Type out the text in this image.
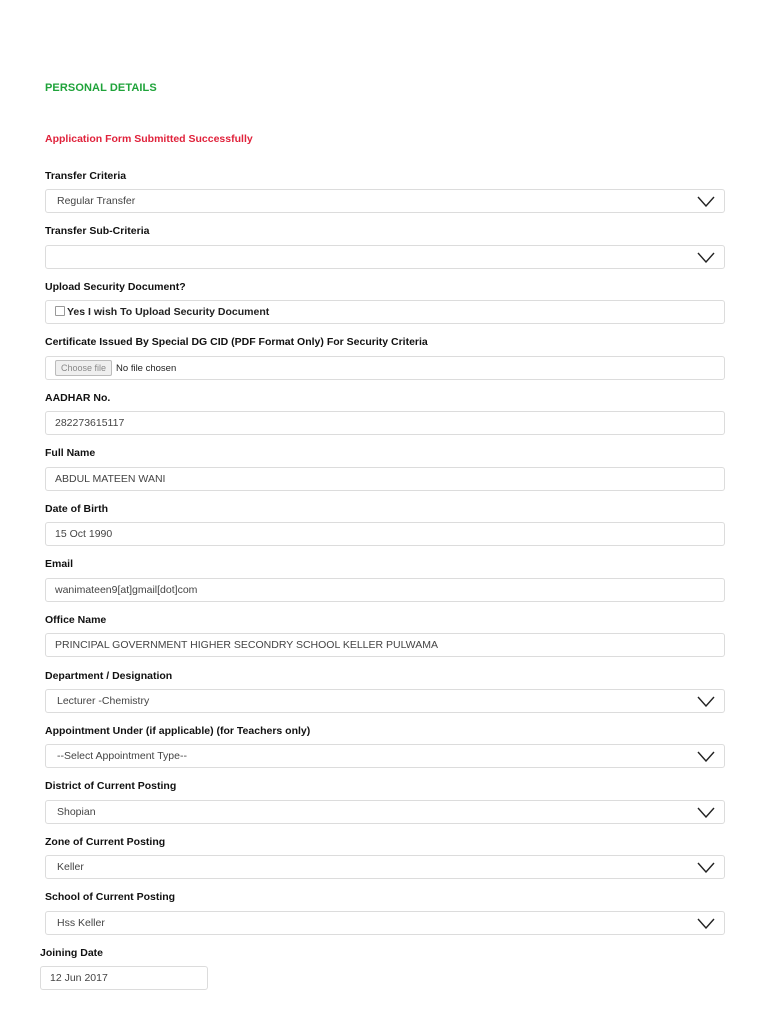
PERSONAL DETAILS
Application Form Submitted Successfully
Transfer Criteria
Regular Transfer
Transfer Sub-Criteria
Upload Security Document?
Yes I wish To Upload Security Document
Certificate Issued By Special DG CID (PDF Format Only) For Security Criteria
Choose file	No file chosen
AADHAR No.
282273615117
Full Name
ABDUL MATEEN WANI
Date of Birth
15 Oct 1990
Email
wanimateen9[at]gmail[dot]com
Office Name
PRINCIPAL GOVERNMENT HIGHER SECONDRY SCHOOL KELLER PULWAMA
Department / Designation
Lecturer -Chemistry
Appointment Under (if applicable) (for Teachers only)
--Select Appointment Type--
District of Current Posting
Shopian
Zone of Current Posting
Keller
School of Current Posting
Hss Keller
Joining Date
12 Jun 2017
